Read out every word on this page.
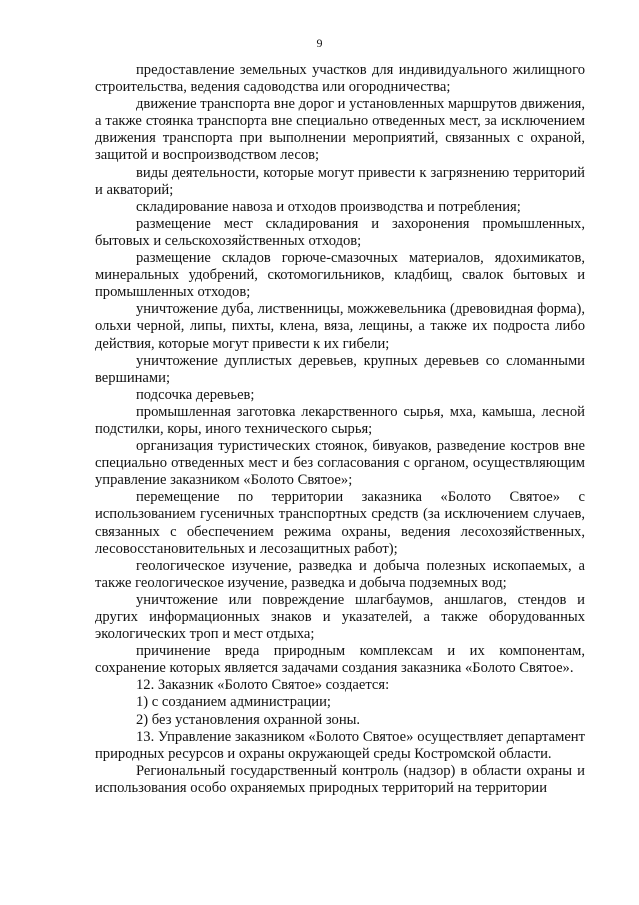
9

предоставление земельных участков для индивидуального жилищного строительства, ведения садоводства или огородничества;

движение транспорта вне дорог и установленных маршрутов движения, а также стоянка транспорта вне специально отведенных мест, за исключением движения транспорта при выполнении мероприятий, связанных с охраной, защитой и воспроизводством лесов;

виды деятельности, которые могут привести к загрязнению территорий и акваторий;

складирование навоза и отходов производства и потребления;

размещение мест складирования и захоронения промышленных, бытовых и сельскохозяйственных отходов;

размещение складов горюче-смазочных материалов, ядохимикатов, минеральных удобрений, скотомогильников, кладбищ, свалок бытовых и промышленных отходов;

уничтожение дуба, лиственницы, можжевельника (древовидная форма), ольхи черной, липы, пихты, клена, вяза, лещины, а также их подроста либо действия, которые могут привести к их гибели;

уничтожение дуплистых деревьев, крупных деревьев со сломанными вершинами;

подсочка деревьев;

промышленная заготовка лекарственного сырья, мха, камыша, лесной подстилки, коры, иного технического сырья;

организация туристических стоянок, бивуаков, разведение костров вне специально отведенных мест и без согласования с органом, осуществляющим управление заказником «Болото Святое»;

перемещение по территории заказника «Болото Святое» с использованием гусеничных транспортных средств (за исключением случаев, связанных с обеспечением режима охраны, ведения лесохозяйственных, лесовосстановительных и лесозащитных работ);

геологическое изучение, разведка и добыча полезных ископаемых, а также геологическое изучение, разведка и добыча подземных вод;

уничтожение или повреждение шлагбаумов, аншлагов, стендов и других информационных знаков и указателей, а также оборудованных экологических троп и мест отдыха;

причинение вреда природным комплексам и их компонентам, сохранение которых является задачами создания заказника «Болото Святое».

12. Заказник «Болото Святое» создается:

1) с созданием администрации;

2) без установления охранной зоны.

13. Управление заказником «Болото Святое» осуществляет департамент природных ресурсов и охраны окружающей среды Костромской области.

Региональный государственный контроль (надзор) в области охраны и использования особо охраняемых природных территорий на территории
